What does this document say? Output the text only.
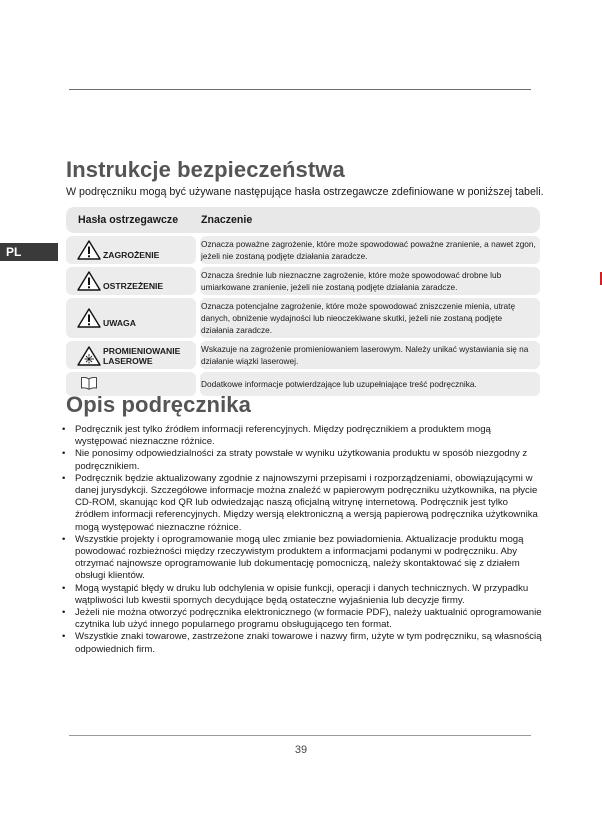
PL
Instrukcje bezpieczeństwa
W podręczniku mogą być używane następujące hasła ostrzegawcze zdefiniowane w poniższej tabeli.
Hasła ostrzegawcze Znaczenie
ZAGROŻENIE
Oznacza poważne zagrożenie, które może spowodować poważne zranienie, a nawet zgon, jeżeli nie zostaną podjęte działania zaradcze.
OSTRZEŻENIE
Oznacza średnie lub nieznaczne zagrożenie, które może spowodować drobne lub umiarkowane zranienie, jeżeli nie zostaną podjęte działania zaradcze.
UWAGA
Oznacza potencjalne zagrożenie, które może spowodować zniszczenie mienia, utratę danych, obniżenie wydajności lub nieoczekiwane skutki, jeżeli nie zostaną podjęte działania zaradcze.
PROMIENIOWANIE
LASEROWE
Wskazuje na zagrożenie promieniowaniem laserowym. Należy unikać wystawiania się na działanie wiązki laserowej.
Dodatkowe informacje potwierdzające lub uzupełniające treść podręcznika.
Opis podręcznika
• Podręcznik jest tylko źródłem informacji referencyjnych. Między podręcznikiem a produktem mogą występować nieznaczne różnice.
• Nie ponosimy odpowiedzialności za straty powstałe w wyniku użytkowania produktu w sposób niezgodny z podręcznikiem.
• Podręcznik będzie aktualizowany zgodnie z najnowszymi przepisami i rozporządzeniami, obowiązującymi w danej jurysdykcji. Szczegółowe informacje można znaleźć w papierowym podręczniku użytkownika, na płycie CD-ROM, skanując kod QR lub odwiedzając naszą oficjalną witrynę internetową. Podręcznik jest tylko źródłem informacji referencyjnych. Między wersją elektroniczną a wersją papierową podręcznika użytkownika mogą występować nieznaczne różnice.
• Wszystkie projekty i oprogramowanie mogą ulec zmianie bez powiadomienia. Aktualizacje produktu mogą powodować rozbieżności między rzeczywistym produktem a informacjami podanymi w podręczniku. Aby otrzymać najnowsze oprogramowanie lub dokumentację pomocniczą, należy skontaktować się z działem obsługi klientów.
• Mogą wystąpić błędy w druku lub odchylenia w opisie funkcji, operacji i danych technicznych. W przypadku wątpliwości lub kwestii spornych decydujące będą ostateczne wyjaśnienia lub decyzje firmy.
• Jeżeli nie można otworzyć podręcznika elektronicznego (w formacie PDF), należy uaktualnić oprogramowanie czytnika lub użyć innego popularnego programu obsługującego ten format.
• Wszystkie znaki towarowe, zastrzeżone znaki towarowe i nazwy firm, użyte w tym podręczniku, są własnością odpowiednich firm.
39
